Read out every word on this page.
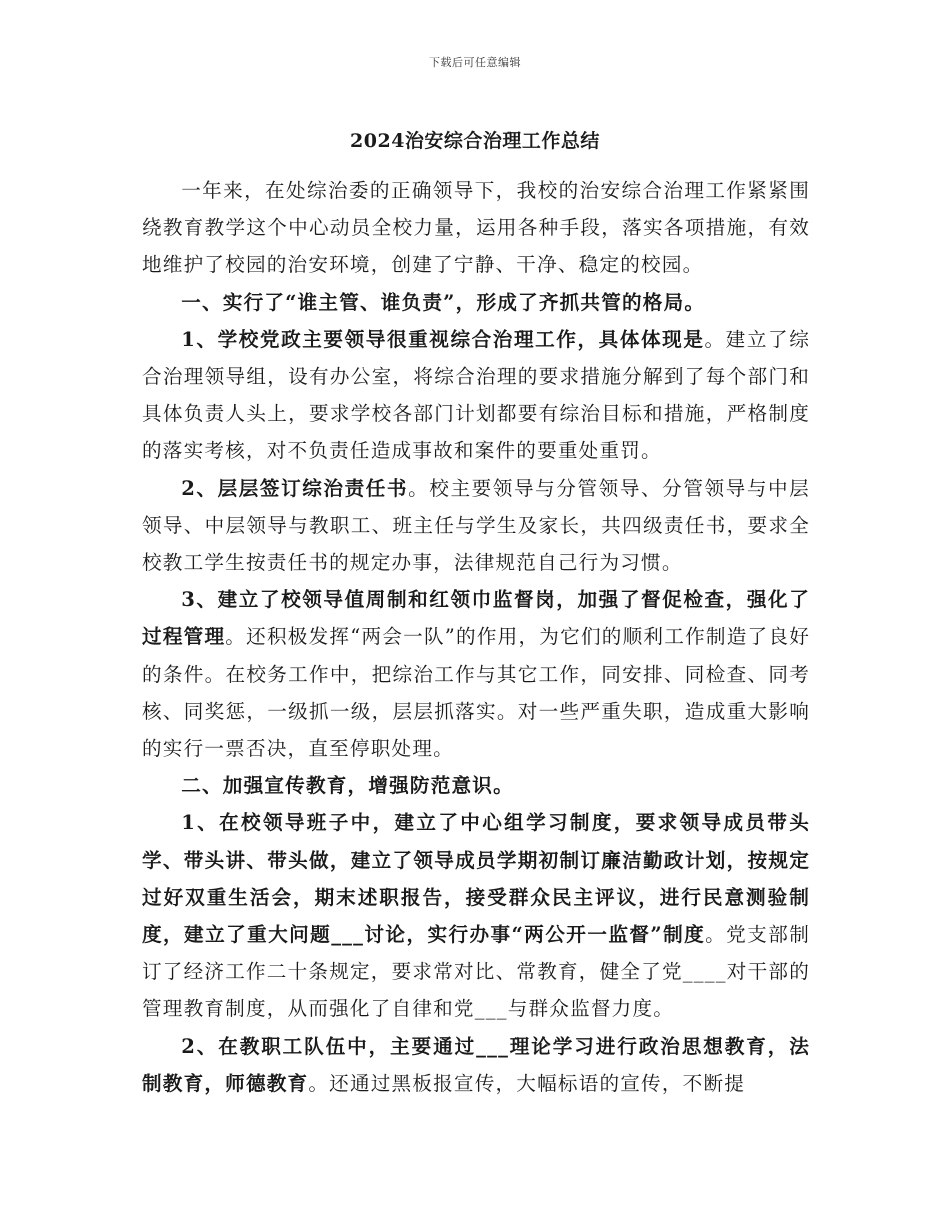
下载后可任意编辑
2024治安综合治理工作总结

一年来，在处综治委的正确领导下，我校的治安综合治理工作紧紧围绕教育教学这个中心动员全校力量，运用各种手段，落实各项措施，有效地维护了校园的治安环境，创建了宁静、干净、稳定的校园。

一、实行了“谁主管、谁负责”，形成了齐抓共管的格局。

1、学校党政主要领导很重视综合治理工作，具体体现是。建立了综合治理领导组，设有办公室，将综合治理的要求措施分解到了每个部门和具体负责人头上，要求学校各部门计划都要有综治目标和措施，严格制度的落实考核，对不负责任造成事故和案件的要重处重罚。

2、层层签订综治责任书。校主要领导与分管领导、分管领导与中层领导、中层领导与教职工、班主任与学生及家长，共四级责任书，要求全校教工学生按责任书的规定办事，法律规范自己行为习惯。

3、建立了校领导值周制和红领巾监督岗，加强了督促检查，强化了过程管理。还积极发挥“两会一队”的作用，为它们的顺利工作制造了良好的条件。在校务工作中，把综治工作与其它工作，同安排、同检查、同考核、同奖惩，一级抓一级，层层抓落实。对一些严重失职，造成重大影响的实行一票否决，直至停职处理。

二、加强宣传教育，增强防范意识。

1、在校领导班子中，建立了中心组学习制度，要求领导成员带头学、带头讲、带头做，建立了领导成员学期初制订廉洁勤政计划，按规定过好双重生活会，期末述职报告，接受群众民主评议，进行民意测验制度，建立了重大问题___讨论，实行办事“两公开一监督”制度。党支部制订了经济工作二十条规定，要求常对比、常教育，健全了党____对干部的管理教育制度，从而强化了自律和党___与群众监督力度。

2、在教职工队伍中，主要通过___理论学习进行政治思想教育，法制教育，师德教育。还通过黑板报宣传，大幅标语的宣传，不断提
